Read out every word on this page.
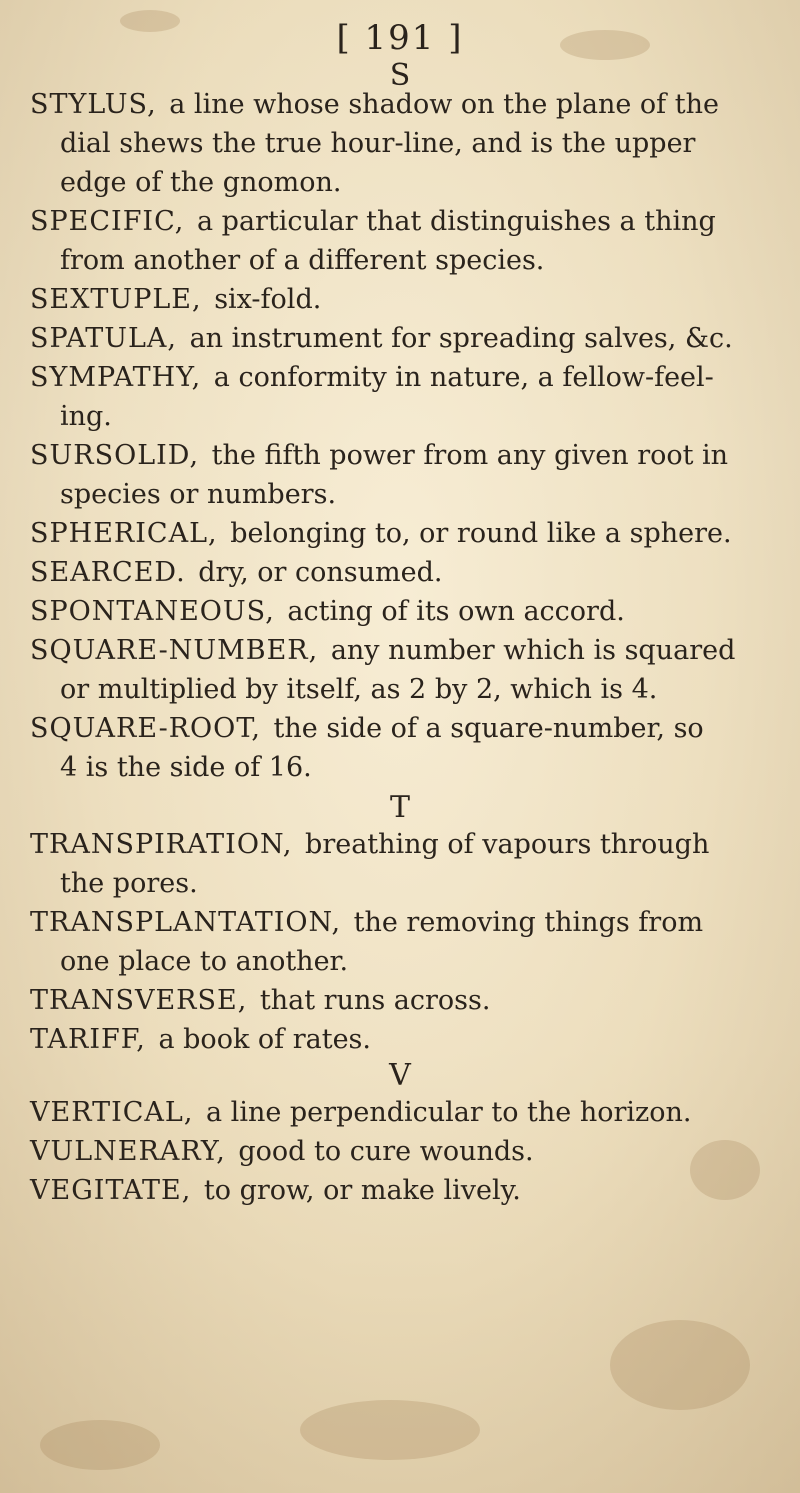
[ 191 ]
S
STYLUS, a line whose shadow on the plane of the
dial shews the true hour-line, and is the upper
edge of the gnomon.
SPECIFIC, a particular that distinguishes a thing
from another of a different species.
SEXTUPLE, six-fold.
SPATULA, an instrument for spreading salves, &c.
SYMPATHY, a conformity in nature, a fellow-feel-
ing.
SURSOLID, the fifth power from any given root in
species or numbers.
SPHERICAL, belonging to, or round like a sphere.
SEARCED. dry, or consumed.
SPONTANEOUS, acting of its own accord.
SQUARE-NUMBER, any number which is squared
or multiplied by itself, as 2 by 2, which is 4.
SQUARE-ROOT, the side of a square-number, so
4 is the side of 16.
T
TRANSPIRATION, breathing of vapours through
the pores.
TRANSPLANTATION, the removing things from
one place to another.
TRANSVERSE, that runs across.
TARIFF, a book of rates.
V
VERTICAL, a line perpendicular to the horizon.
VULNERARY, good to cure wounds.
VEGITATE, to grow, or make lively.
